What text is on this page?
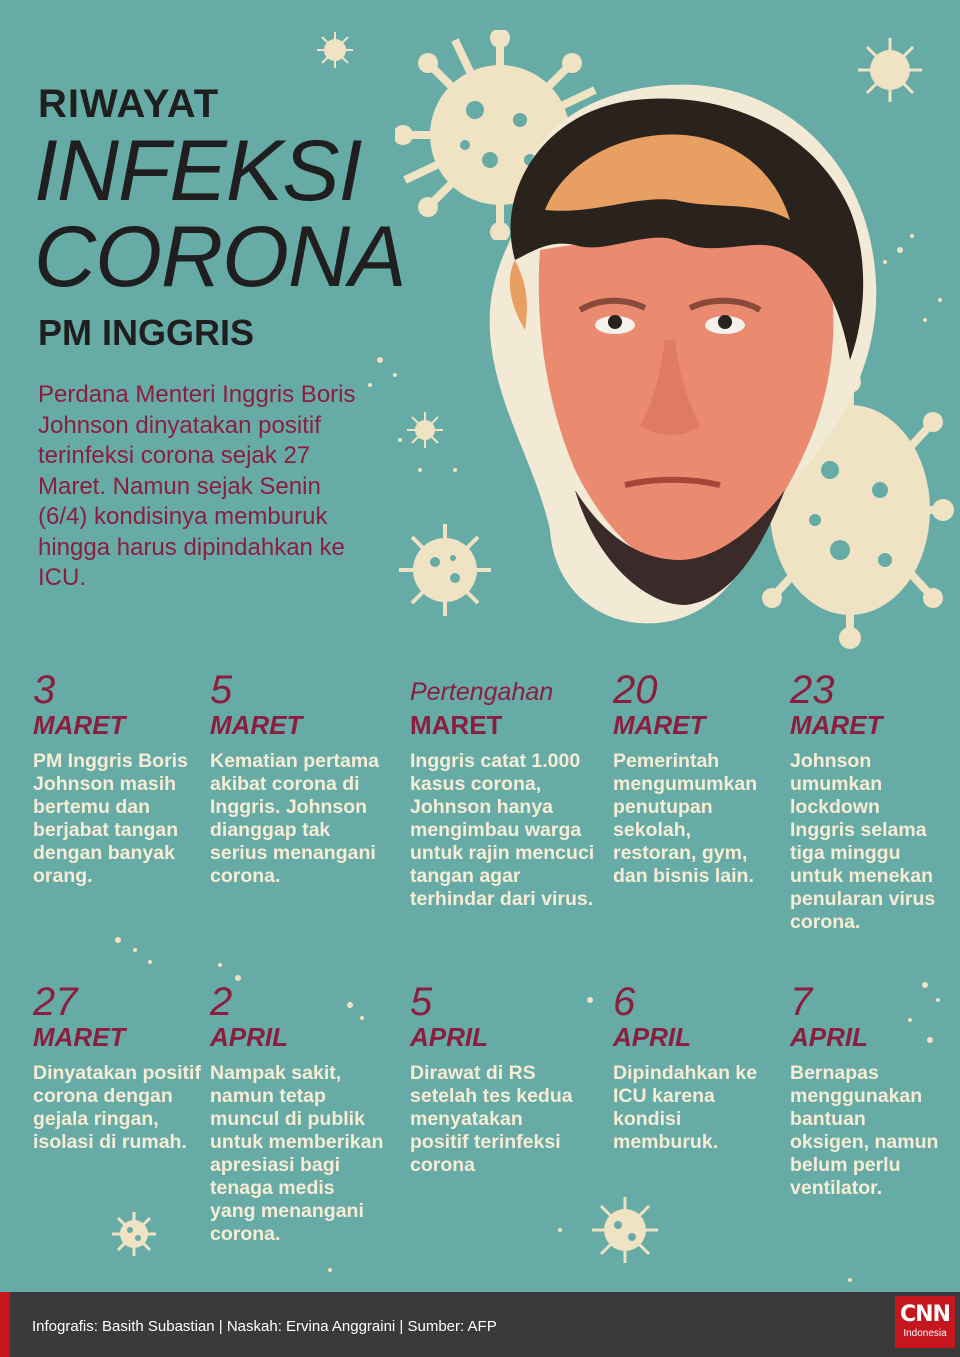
RIWAYAT
INFEKSI
CORONA
PM INGGRIS
Perdana Menteri Inggris Boris Johnson dinyatakan positif terinfeksi corona sejak 27 Maret. Namun sejak Senin (6/4) kondisinya memburuk hingga harus dipindahkan ke ICU.
3
MARET
PM Inggris Boris Johnson masih bertemu dan berjabat tangan dengan banyak orang.
5
MARET
Kematian pertama akibat corona di Inggris. Johnson dianggap tak serius menangani corona.
Pertengahan
MARET
Inggris catat 1.000 kasus corona, Johnson hanya mengimbau warga untuk rajin mencuci tangan agar terhindar dari virus.
20
MARET
Pemerintah mengumumkan penutupan sekolah, restoran, gym, dan bisnis lain.
23
MARET
Johnson umumkan lockdown Inggris selama tiga minggu untuk menekan penularan virus corona.
27
MARET
Dinyatakan positif corona dengan gejala ringan, isolasi di rumah.
2
APRIL
Nampak sakit, namun tetap muncul di publik untuk memberikan apresiasi bagi tenaga medis yang menangani corona.
5
APRIL
Dirawat di RS setelah tes kedua menyatakan positif terinfeksi corona
6
APRIL
Dipindahkan ke ICU karena kondisi memburuk.
7
APRIL
Bernapas menggunakan bantuan oksigen, namun belum perlu ventilator.
Infografis: Basith Subastian | Naskah: Ervina Anggraini | Sumber: AFP	CNN
Indonesia
